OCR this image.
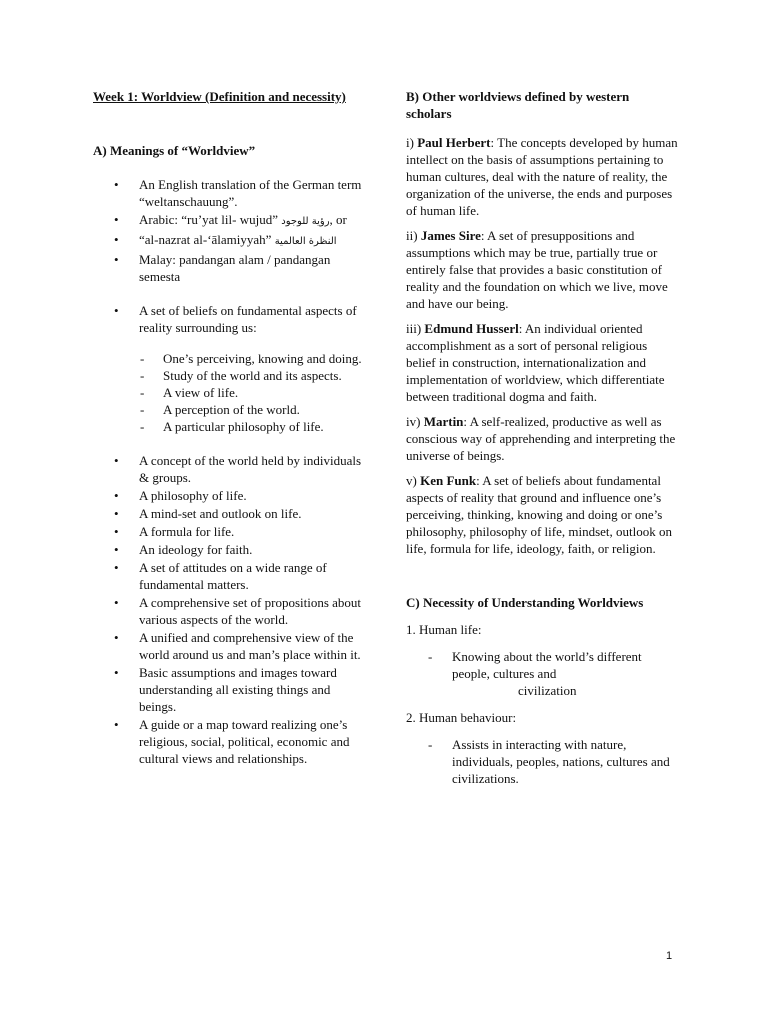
Week 1: Worldview (Definition and necessity)

A) Meanings of “Worldview”

• An English translation of the German term “weltanschauung”.
• Arabic: “ru’yat lil- wujud” رؤية للوجود, or
• “al-nazrat al-‘ālamiyyah” النظرة العالمية
• Malay: pandangan alam / pandangan semesta
• A set of beliefs on fundamental aspects of reality surrounding us:
- One’s perceiving, knowing and doing.
- Study of the world and its aspects.
- A view of life.
- A perception of the world.
- A particular philosophy of life.
• A concept of the world held by individuals & groups.
• A philosophy of life.
• A mind-set and outlook on life.
• A formula for life.
• An ideology for faith.
• A set of attitudes on a wide range of fundamental matters.
• A comprehensive set of propositions about various aspects of the world.
• A unified and comprehensive view of the world around us and man’s place within it.
• Basic assumptions and images toward understanding all existing things and beings.
• A guide or a map toward realizing one’s religious, social, political, economic and cultural views and relationships.

B) Other worldviews defined by western scholars

i) Paul Herbert: The concepts developed by human intellect on the basis of assumptions pertaining to human cultures, deal with the nature of reality, the organization of the universe, the ends and purposes of human life.

ii) James Sire: A set of presuppositions and assumptions which may be true, partially true or entirely false that provides a basic constitution of reality and the foundation on which we live, move and have our being.

iii) Edmund Husserl: An individual oriented accomplishment as a sort of personal religious belief in construction, internationalization and implementation of worldview, which differentiate between traditional dogma and faith.

iv) Martin: A self-realized, productive as well as conscious way of apprehending and interpreting the universe of beings.

v) Ken Funk: A set of beliefs about fundamental aspects of reality that ground and influence one’s perceiving, thinking, knowing and doing or one’s philosophy, philosophy of life, mindset, outlook on life, formula for life, ideology, faith, or religion.

C) Necessity of Understanding Worldviews

1. Human life:

- Knowing about the world’s different people, cultures and
civilization

2. Human behaviour:

- Assists in interacting with nature, individuals, peoples, nations, cultures and civilizations.
1
